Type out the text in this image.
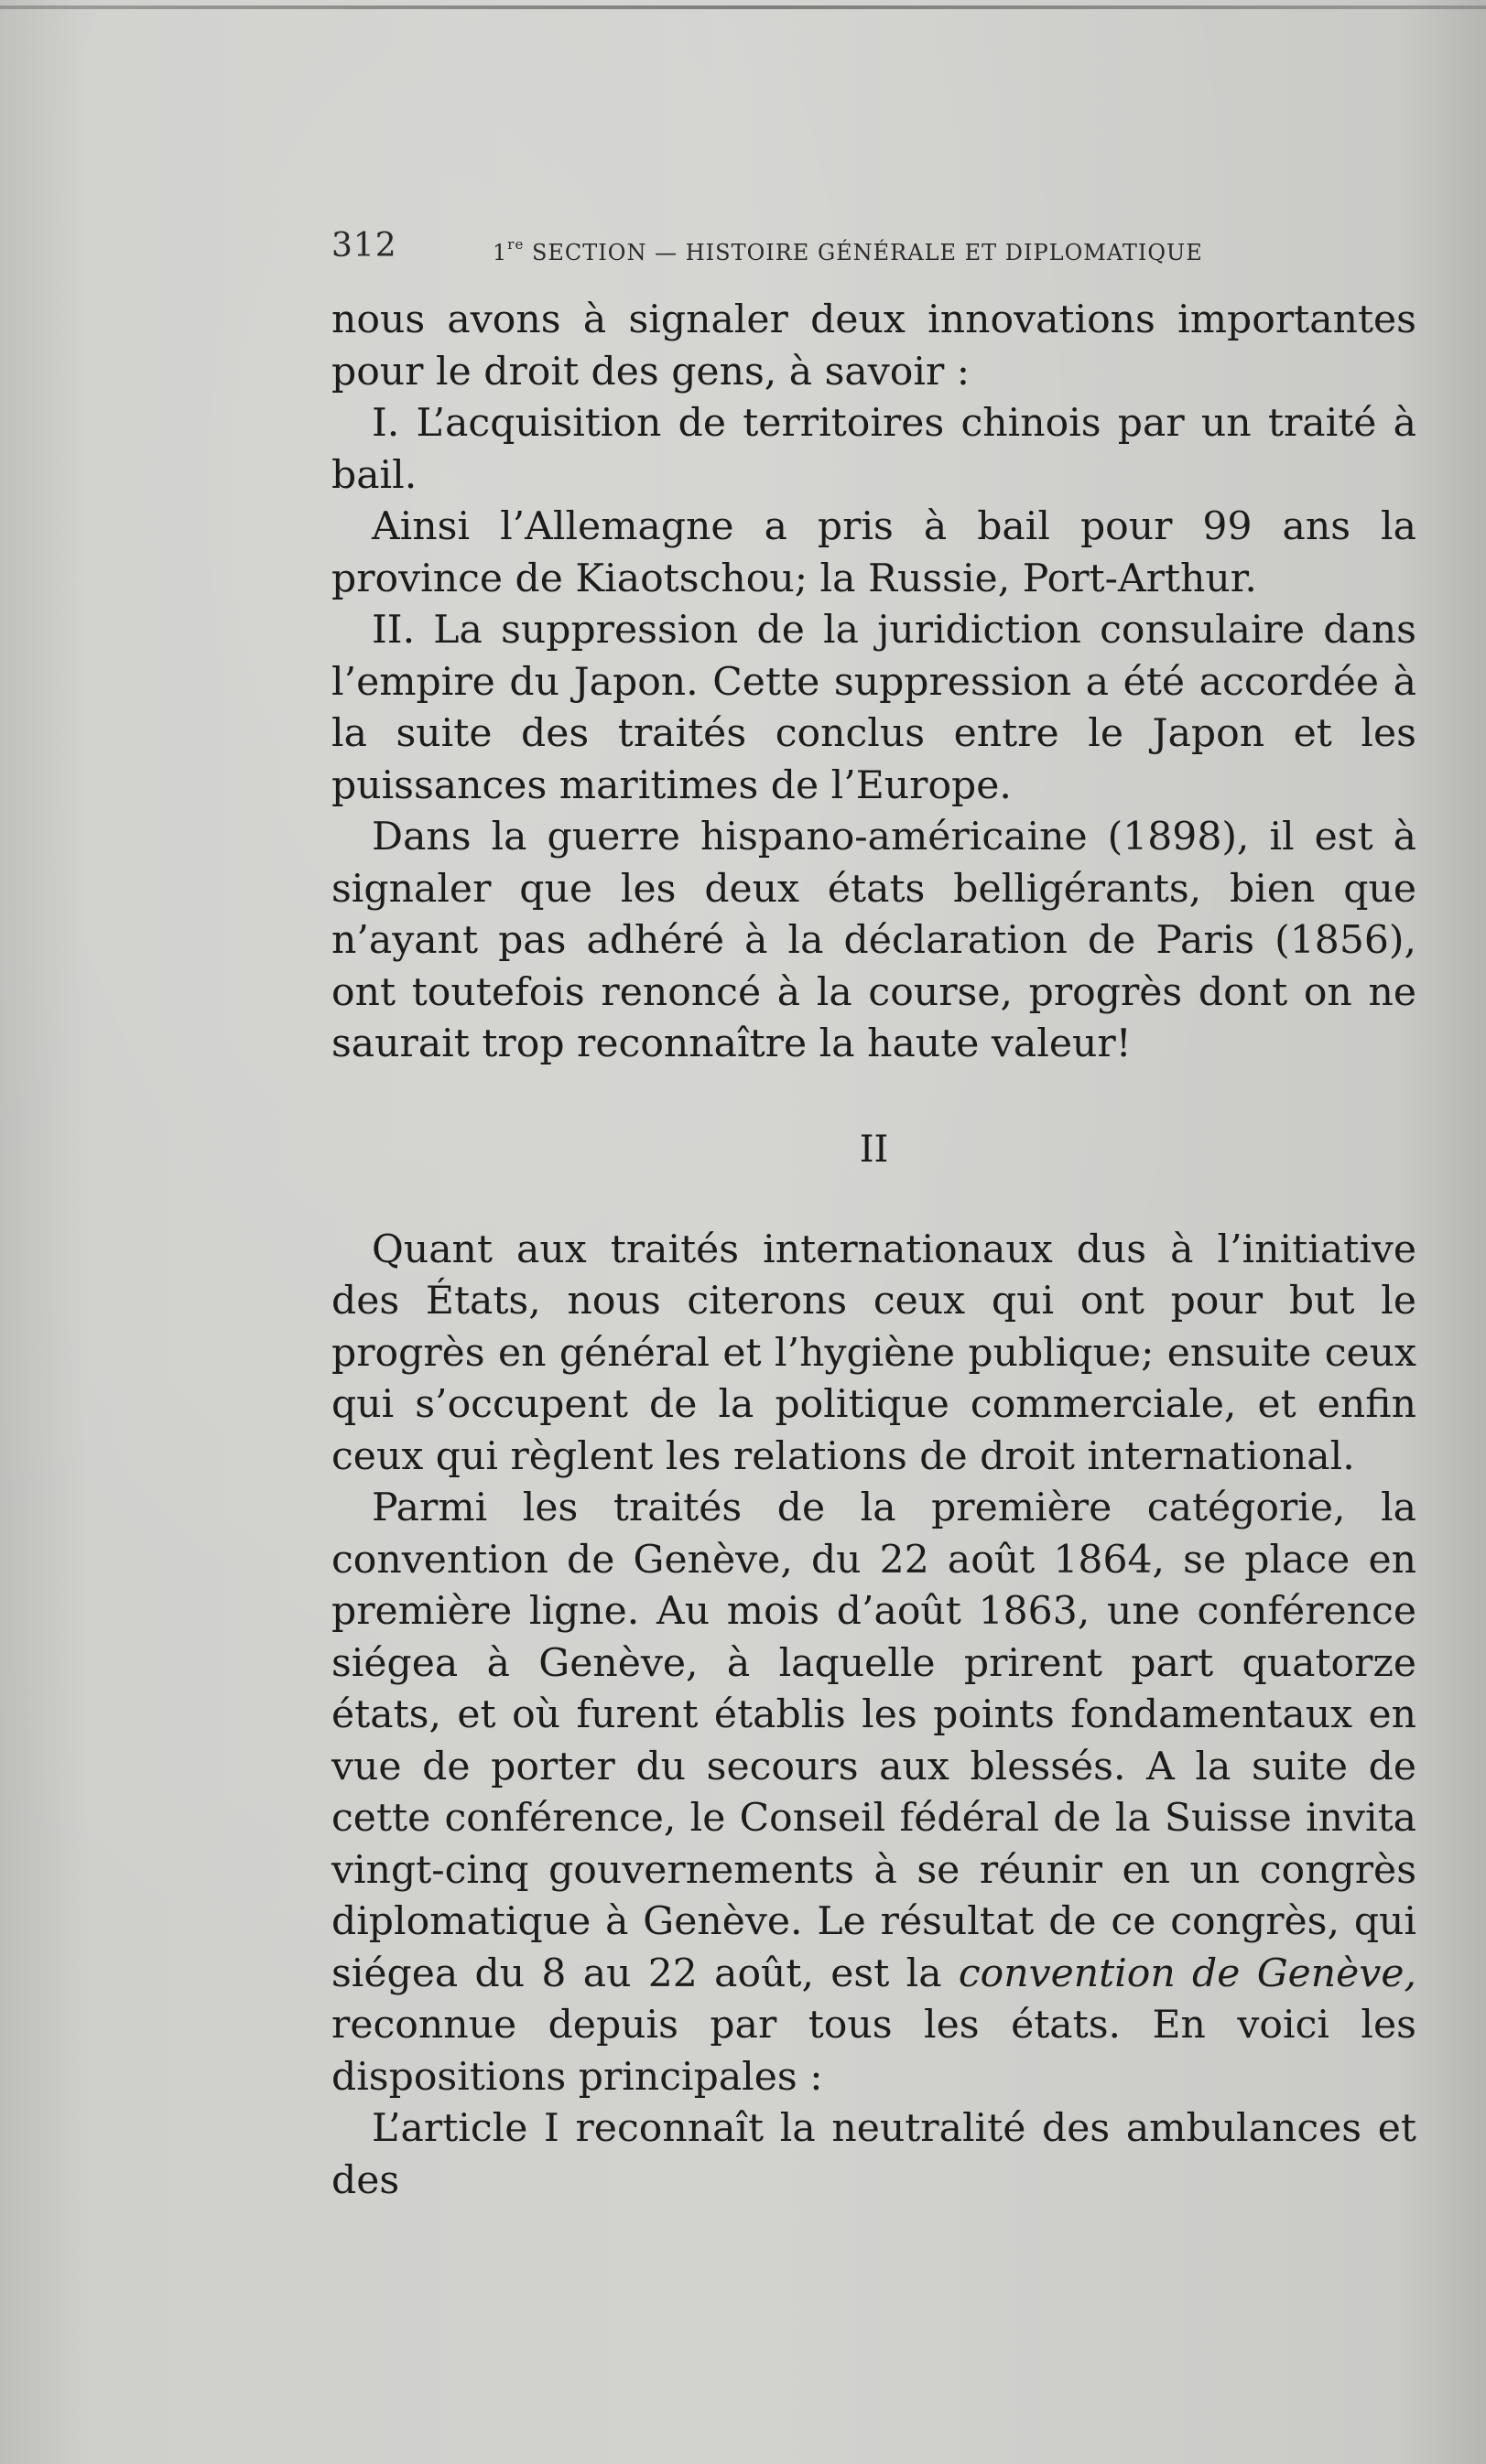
312	1re SECTION — HISTOIRE GÉNÉRALE ET DIPLOMATIQUE

nous avons à signaler deux innovations importantes pour le droit des gens, à savoir :

I. L’acquisition de territoires chinois par un traité à bail.

Ainsi l’Allemagne a pris à bail pour 99 ans la province de Kiaotschou; la Russie, Port-Arthur.

II. La suppression de la juridiction consulaire dans l’empire du Japon. Cette suppression a été accordée à la suite des traités conclus entre le Japon et les puissances maritimes de l’Europe.

Dans la guerre hispano-américaine (1898), il est à signaler que les deux états belligérants, bien que n’ayant pas adhéré à la déclaration de Paris (1856), ont toutefois renoncé à la course, progrès dont on ne saurait trop reconnaître la haute valeur!

II

Quant aux traités internationaux dus à l’initiative des États, nous citerons ceux qui ont pour but le progrès en général et l’hygiène publique; ensuite ceux qui s’occupent de la politique commerciale, et enfin ceux qui règlent les relations de droit international.

Parmi les traités de la première catégorie, la convention de Genève, du 22 août 1864, se place en première ligne. Au mois d’août 1863, une conférence siégea à Genève, à laquelle prirent part quatorze états, et où furent établis les points fondamentaux en vue de porter du secours aux blessés. A la suite de cette conférence, le Conseil fédéral de la Suisse invita vingt-cinq gouvernements à se réunir en un congrès diplomatique à Genève. Le résultat de ce congrès, qui siégea du 8 au 22 août, est la convention de Genève, reconnue depuis par tous les états. En voici les dispositions principales :

L’article I reconnaît la neutralité des ambulances et des
